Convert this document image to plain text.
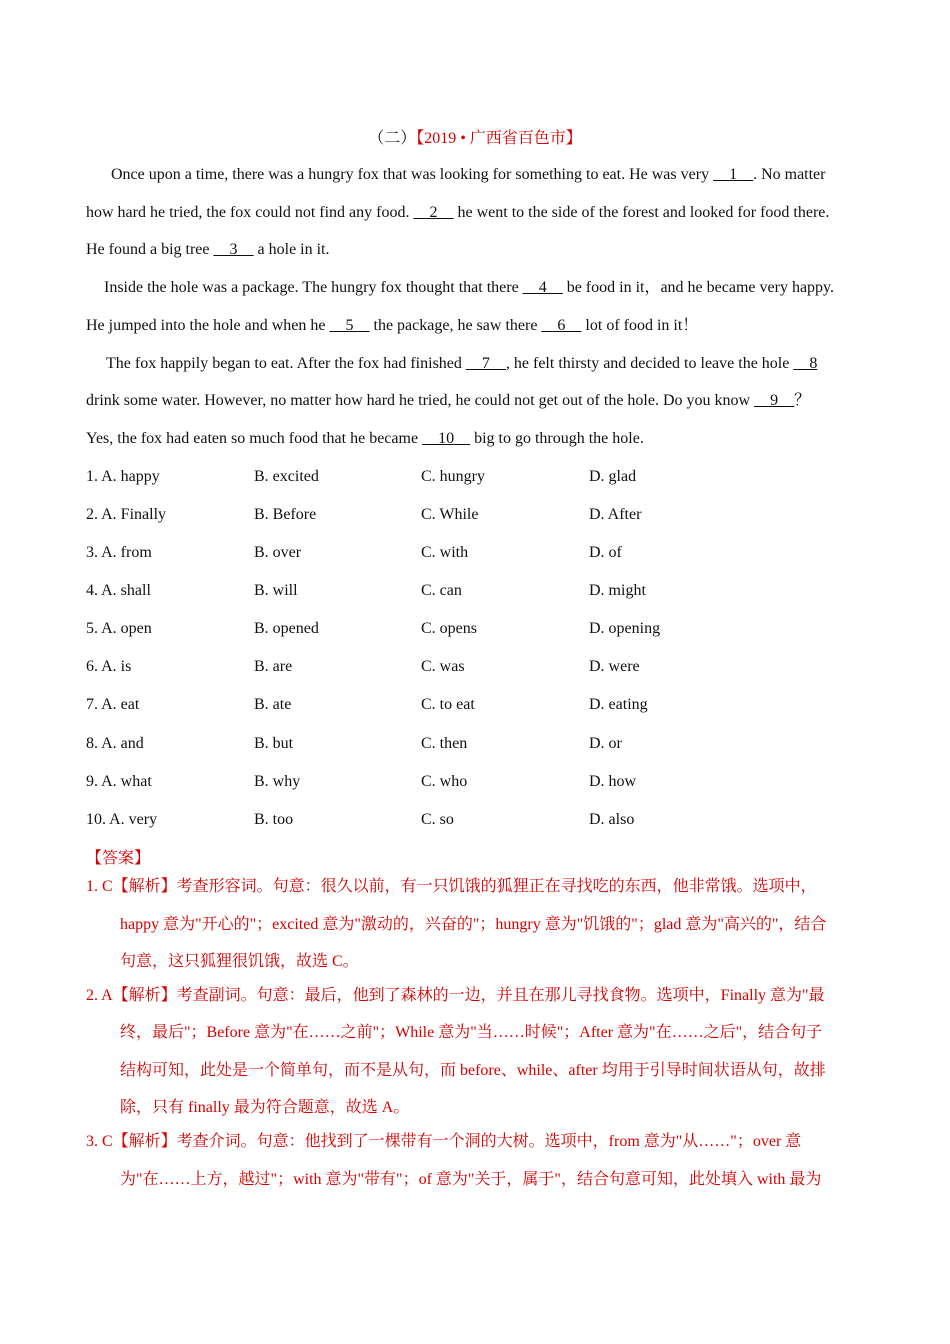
（二）【2019 • 广西省百色市】
Once upon a time, there was a hungry fox that was looking for something to eat. He was very __1__. No matter
how hard he tried, the fox could not find any food. __2__ he went to the side of the forest and looked for food there.
He found a big tree __3__ a hole in it.
Inside the hole was a package. The hungry fox thought that there __4__ be food in it，and he became very happy.
He jumped into the hole and when he __5__ the package, he saw there __6__ lot of food in it！
The fox happily began to eat. After the fox had finished __7__, he felt thirsty and decided to leave the hole __8
drink some water. However, no matter how hard he tried, he could not get out of the hole. Do you know __9__？
Yes, the fox had eaten so much food that he became __10__ big to go through the hole.
1. A. happy	B. excited	C. hungry	D. glad
2. A. Finally	B. Before	C. While	D. After
3. A. from	B. over	C. with	D. of
4. A. shall	B. will	C. can	D. might
5. A. open	B. opened	C. opens	D. opening
6. A. is	B. are	C. was	D. were
7. A. eat	B. ate	C. to eat	D. eating
8. A. and	B. but	C. then	D. or
9. A. what	B. why	C. who	D. how
10. A. very	B. too	C. so	D. also
【答案】
1. C【解析】考查形容词。句意：很久以前，有一只饥饿的狐狸正在寻找吃的东西，他非常饿。选项中，
happy 意为"开心的"；excited 意为"激动的，兴奋的"；hungry 意为"饥饿的"；glad 意为"高兴的"，结合
句意，这只狐狸很饥饿，故选 C。
2. A【解析】考查副词。句意：最后，他到了森林的一边，并且在那儿寻找食物。选项中，Finally 意为"最
终，最后"；Before 意为"在……之前"；While 意为"当……时候"；After 意为"在……之后"，结合句子
结构可知，此处是一个简单句，而不是从句，而 before、while、after 均用于引导时间状语从句，故排
除，只有 finally 最为符合题意，故选 A。
3. C【解析】考查介词。句意：他找到了一棵带有一个洞的大树。选项中，from 意为"从……"；over 意
为"在……上方，越过"；with 意为"带有"；of 意为"关于，属于"，结合句意可知，此处填入 with 最为
